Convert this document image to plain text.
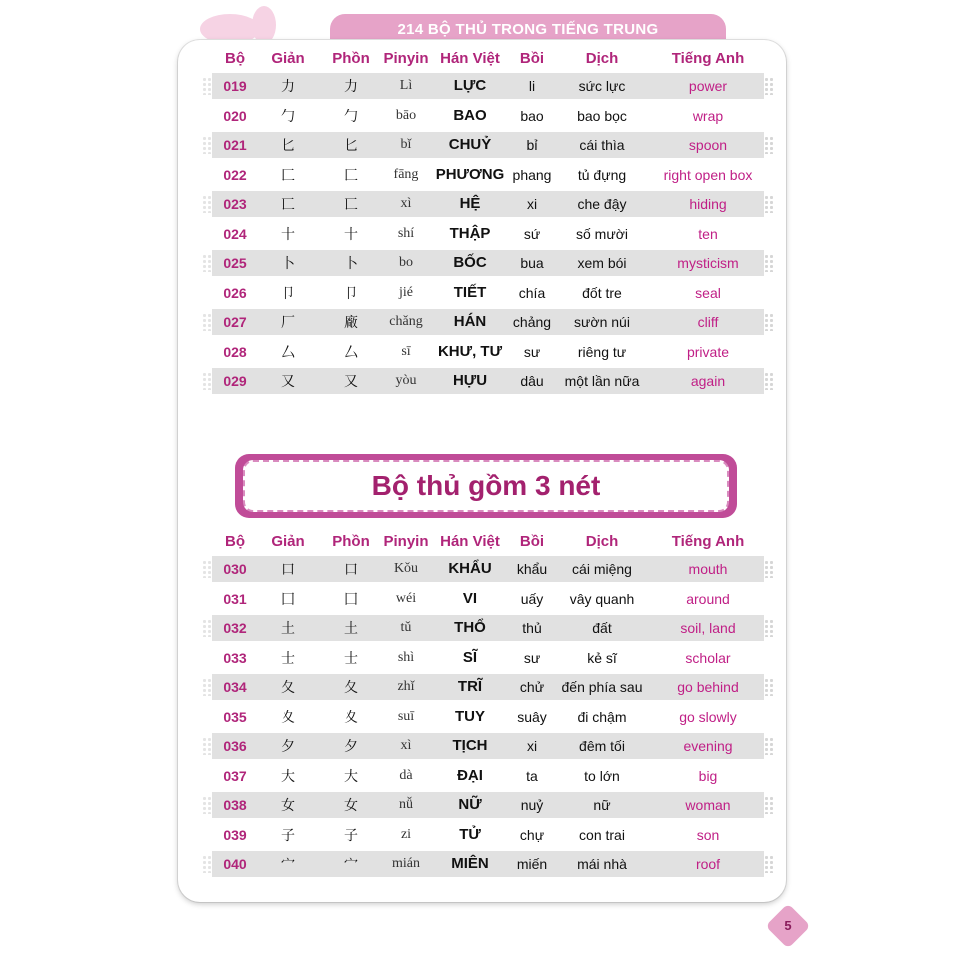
214 BỘ THỦ TRONG TIẾNG TRUNG
Bộ	Giản	Phồn Pinyin Hán Việt	Bồi	Dịch	Tiếng Anh
019	力	力	Lì	LỰC	li	sức lực	power
020	勹	勹	bāo	BAO	bao	bao bọc	wrap
021	匕	匕	bǐ	CHUỶ	bỉ	cái thìa	spoon
022	匚	匚	fāng	PHƯƠNG phang	tủ đựng	right open box
023	匸	匸	xì	HỆ	xi	che đậy	hiding
024	十	十	shí	THẬP	sứ	số mười	ten
025	卜	卜	bo	BỐC	bua	xem bói	mysticism
026	卩	卩	jié	TIẾT	chía	đốt tre	seal
027	厂	廠	chǎng	HÁN	chảng	sườn núi	cliff
028	厶	厶	sī	KHƯ, TƯ	sư	riêng tư	private
029	又	又	yòu	HỰU	dâu	một lần nữa	again
Bộ thủ gồm 3 nét
Bộ	Giản	Phồn Pinyin Hán Việt	Bồi	Dịch	Tiếng Anh
030	口	口	Kǒu	KHẨU	khẩu	cái miệng	mouth
031	囗	囗	wéi	VI	uấy	vây quanh	around
032	土	土	tǔ	THỔ	thủ	đất	soil, land
033	士	士	shì	SĨ	sư	kẻ sĩ	scholar
034	夂	夂	zhǐ	TRĨ	chử	đến phía sau	go behind
035	夊	夊	suī	TUY	suây	đi chậm	go slowly
036	夕	夕	xì	TỊCH	xi	đêm tối	evening
037	大	大	dà	ĐẠI	ta	to lớn	big
038	女	女	nǚ	NỮ	nuỷ	nữ	woman
039	子	子	zi	TỬ	chự	con trai	son
040	宀	宀	mián	MIÊN	miến	mái nhà	roof
5
